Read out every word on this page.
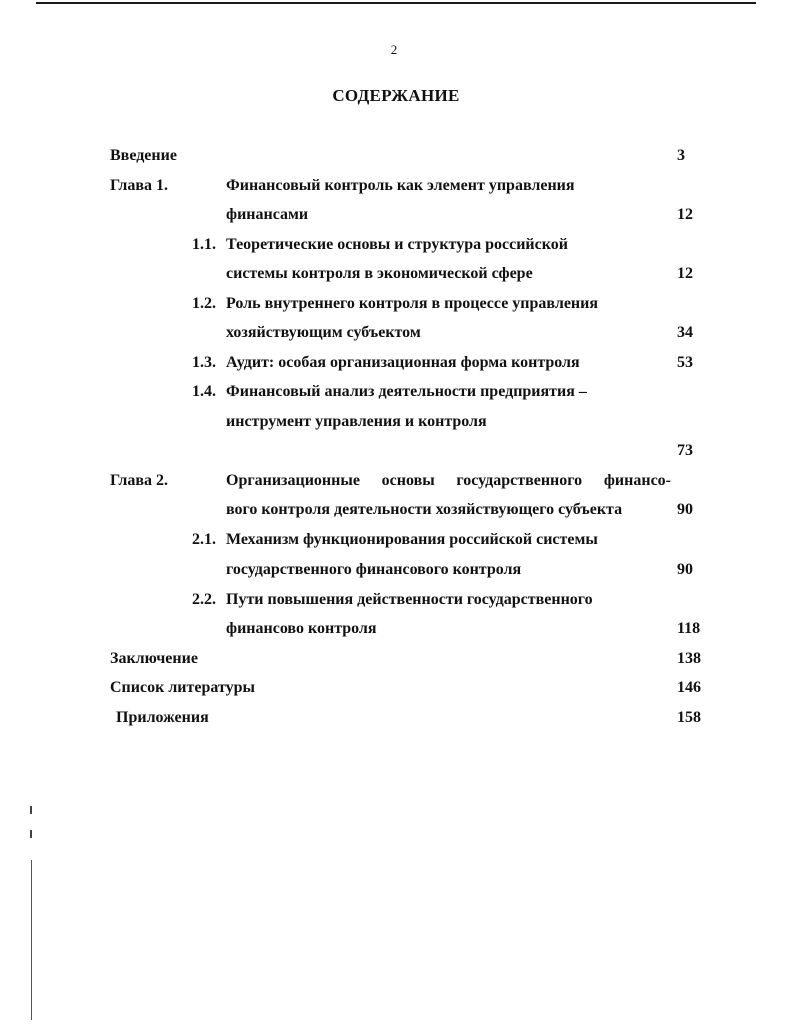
2
СОДЕРЖАНИЕ
Введение	3
Глава 1.	Финансовый контроль как элемент управления
финансами	12
1.1. Теоретические основы и структура российской
системы контроля в экономической сфере	12
1.2. Роль внутреннего контроля в процессе управления
хозяйствующим субъектом	34
1.3. Аудит: особая организационная форма контроля	53
1.4. Финансовый анализ деятельности предприятия –
инструмент управления и контроля
73
Глава 2.	Организационные основы государственного финансо-
вого контроля деятельности хозяйствующего субъекта	90
2.1. Механизм функционирования российской системы
государственного финансового контроля	90
2.2. Пути повышения действенности государственного
финансово контроля	118
Заключение	138
Список литературы	146
Приложения	158
